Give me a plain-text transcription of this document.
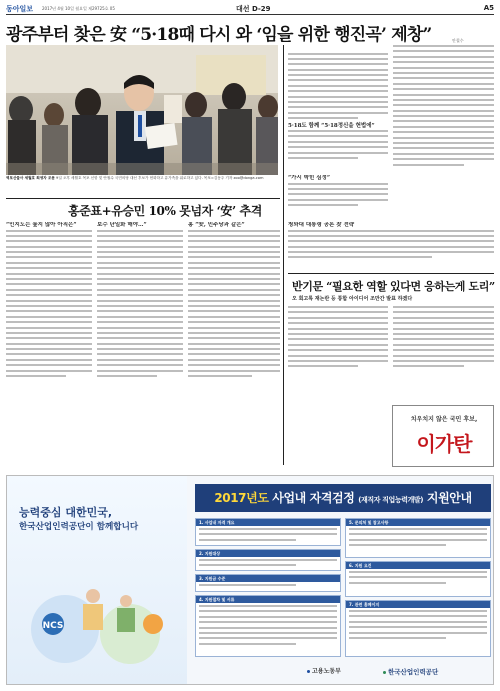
동아일보 2017년 4월 10일 월요일 제29725호 05	대선 D-29	A5
광주부터 찾은 安 “5·18때 다시 와 ‘임을 위한 행진곡’ 제창”	안철수
역포산들사 세월호 희생자 조문 9일 오후 세월호 목포 신항 및 안철수 국민의당 대선 후보가 헌화하고 유가족을 위로하고 있다. 목포=김동주 기자 zoo@donga.com
5·18도 함께 “5·18정신을 헌법에”
“가시 박힌 심정”
홍준표+유승민 10% 못넘자 ‘安’ 추격
“인지도는 높지 않아 아직은”	보수 단일화 해야…”	홍 “安, 민주당과 같은”	청와대 대통령 공론 찾 전략
반기문 “필요한 역할 있다면 응하는게 도리”
오 회고록 재논란 등 통합 아이디어 조만간 발표 하겠다
치우치지 않은 국민 후보,
이가탄
능력중심 대한민국,
한국산업인력공단이 함께합니다
NCS
2017년도 사업내 자격검정 (재직자 직업능력개발) 지원안내
1. 사업내 자격 개요
2. 지원대상
3. 지원금 수준
4. 지원절차 및 서류
5. 문의처 및 참고사항
6. 지원 요건
7. 관련 홈페이지
고용노동부	한국산업인력공단
